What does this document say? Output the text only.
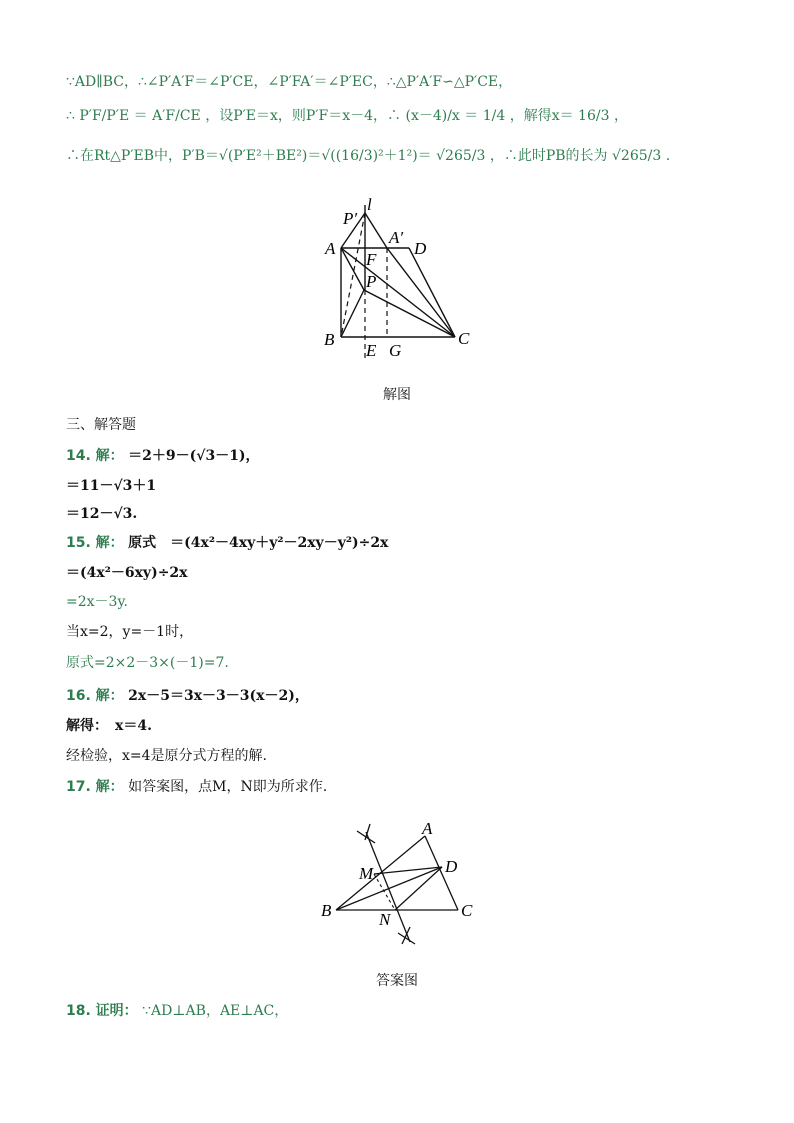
∵AD∥BC，∴∠P′A′F＝∠P′CE，∠P′FA′＝∠P′EC，∴△P′A′F∽△P′CE，
∴ P′F/P′E ＝ A′F/CE ，设P′E＝x，则P′F＝x－4，∴ (x－4)/x ＝ 1/4 ，解得x＝ 16/3 ，
∴在Rt△P′EB中，P′B＝√(P′E²＋BE²)＝√((16/3)²＋1²)＝ √265/3 ，∴此时PB的长为 √265/3 .
P′
l
A
A′
D
F
P
B
E G
C
解图
三、解答题
14. 解： ＝2＋9－(√3－1)，
＝11－√3＋1
＝12－√3.
15. 解： 原式　＝(4x²－4xy＋y²－2xy－y²)÷2x
＝(4x²－6xy)÷2x
=2x－3y.
当x=2，y=－1时，
原式=2×2－3×(－1)=7.
16. 解： 2x－5＝3x－3－3(x－2)，
解得：　x＝4.
经检验，x=4是原分式方程的解.
17. 解： 如答案图，点M，N即为所求作.
A
D
M
B	N	C
答案图
18. 证明： ∵AD⊥AB，AE⊥AC，
